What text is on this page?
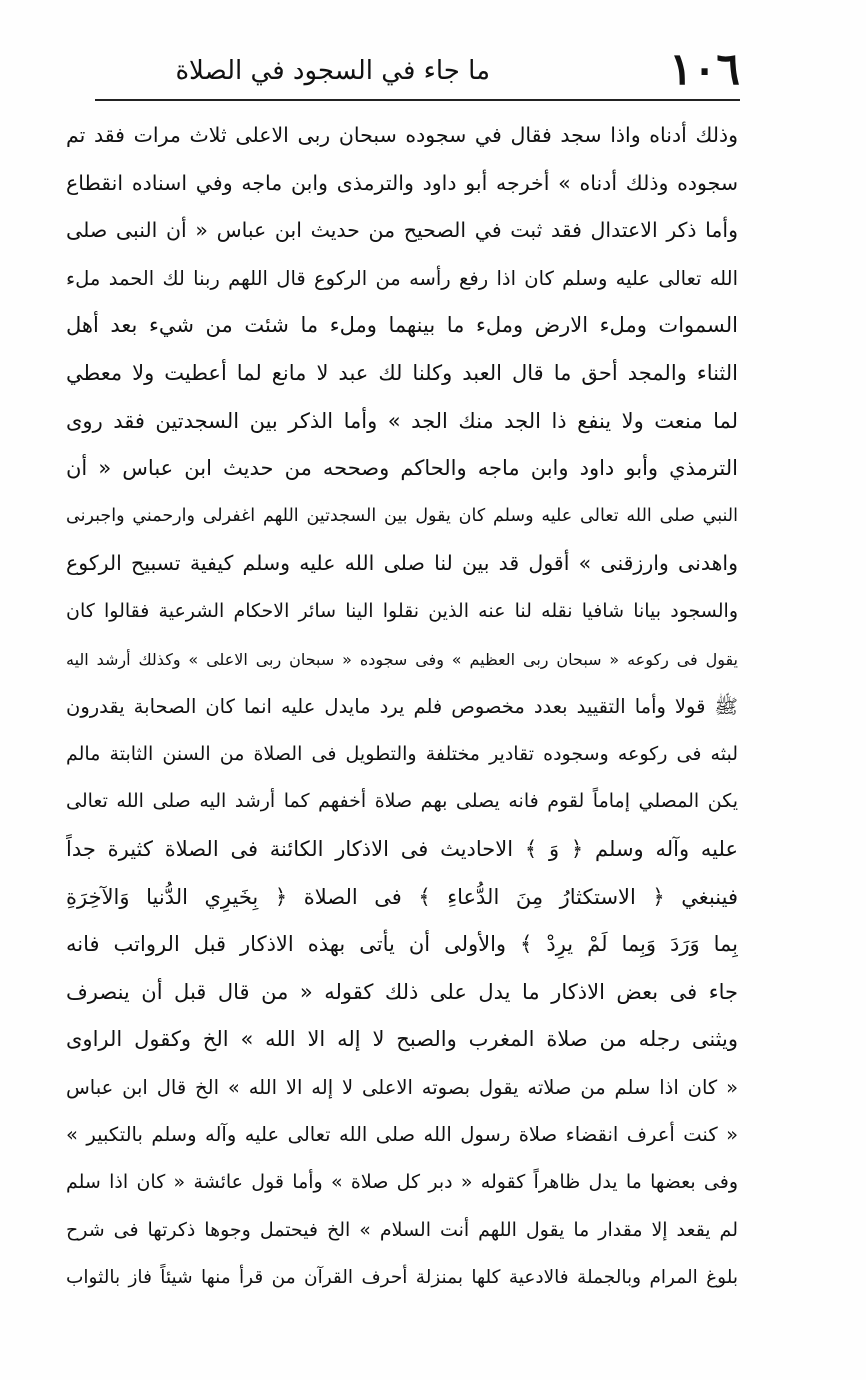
١٠٦
ما جاء في السجود في الصلاة
وذلك أدناه واذا سجد فقال في سجوده سبحان ربى الاعلى ثلاث مرات فقد تم
سجوده وذلك أدناه » أخرجه أبو داود والترمذى وابن ماجه وفي اسناده انقطاع
وأما ذكر الاعتدال فقد ثبت في الصحيح من حديث ابن عباس « أن النبى صلى
الله تعالى عليه وسلم كان اذا رفع رأسه من الركوع قال اللهم ربنا لك الحمد ملء
السموات وملء الارض وملء ما بينهما وملء ما شئت من شيء بعد أهل
الثناء والمجد أحق ما قال العبد وكلنا لك عبد لا مانع لما أعطيت ولا معطي
لما منعت ولا ينفع ذا الجد منك الجد » وأما الذكر بين السجدتين فقد روى
الترمذي وأبو داود وابن ماجه والحاكم وصححه من حديث ابن عباس « أن
النبي صلى الله تعالى عليه وسلم كان يقول بين السجدتين اللهم اغفرلى وارحمني واجبرنى
واهدنى وارزقنى » أقول قد بين لنا صلى الله عليه وسلم كيفية تسبيح الركوع
والسجود بيانا شافيا نقله لنا عنه الذين نقلوا الينا سائر الاحكام الشرعية فقالوا كان
يقول فى ركوعه « سبحان ربى العظيم » وفى سجوده « سبحان ربى الاعلى » وكذلك أرشد اليه
ﷺ قولا وأما التقييد بعدد مخصوص فلم يرد مايدل عليه انما كان الصحابة يقدرون
لبثه فى ركوعه وسجوده تقادير مختلفة والتطويل فى الصلاة من السنن الثابتة مالم
يكن المصلي إماماً لقوم فانه يصلى بهم صلاة أخفهم كما أرشد اليه صلى الله تعالى
عليه وآله وسلم ﴿ وَ ﴾ الاحاديث فى الاذكار الكائنة فى الصلاة كثيرة جداً
فينبغي ﴿ الاستكثارُ مِنَ الدُّعاءِ ﴾ فى الصلاة ﴿ بِخَيرِي الدُّنيا وَالآخِرَةِ
بِما وَرَدَ وَبِما لَمْ يرِدْ ﴾ والأولى أن يأتى بهذه الاذكار قبل الرواتب فانه
جاء فى بعض الاذكار ما يدل على ذلك كقوله « من قال قبل أن ينصرف
ويثنى رجله من صلاة المغرب والصبح لا إله الا الله » الخ وكقول الراوى
« كان اذا سلم من صلاته يقول بصوته الاعلى لا إله الا الله » الخ قال ابن عباس
« كنت أعرف انقضاء صلاة رسول الله صلى الله تعالى عليه وآله وسلم بالتكبير »
وفى بعضها ما يدل ظاهراً كقوله « دبر كل صلاة » وأما قول عائشة « كان اذا سلم
لم يقعد إلا مقدار ما يقول اللهم أنت السلام » الخ فيحتمل وجوها ذكرتها فى شرح
بلوغ المرام وبالجملة فالادعية كلها بمنزلة أحرف القرآن من قرأ منها شيئاً فاز بالثواب
